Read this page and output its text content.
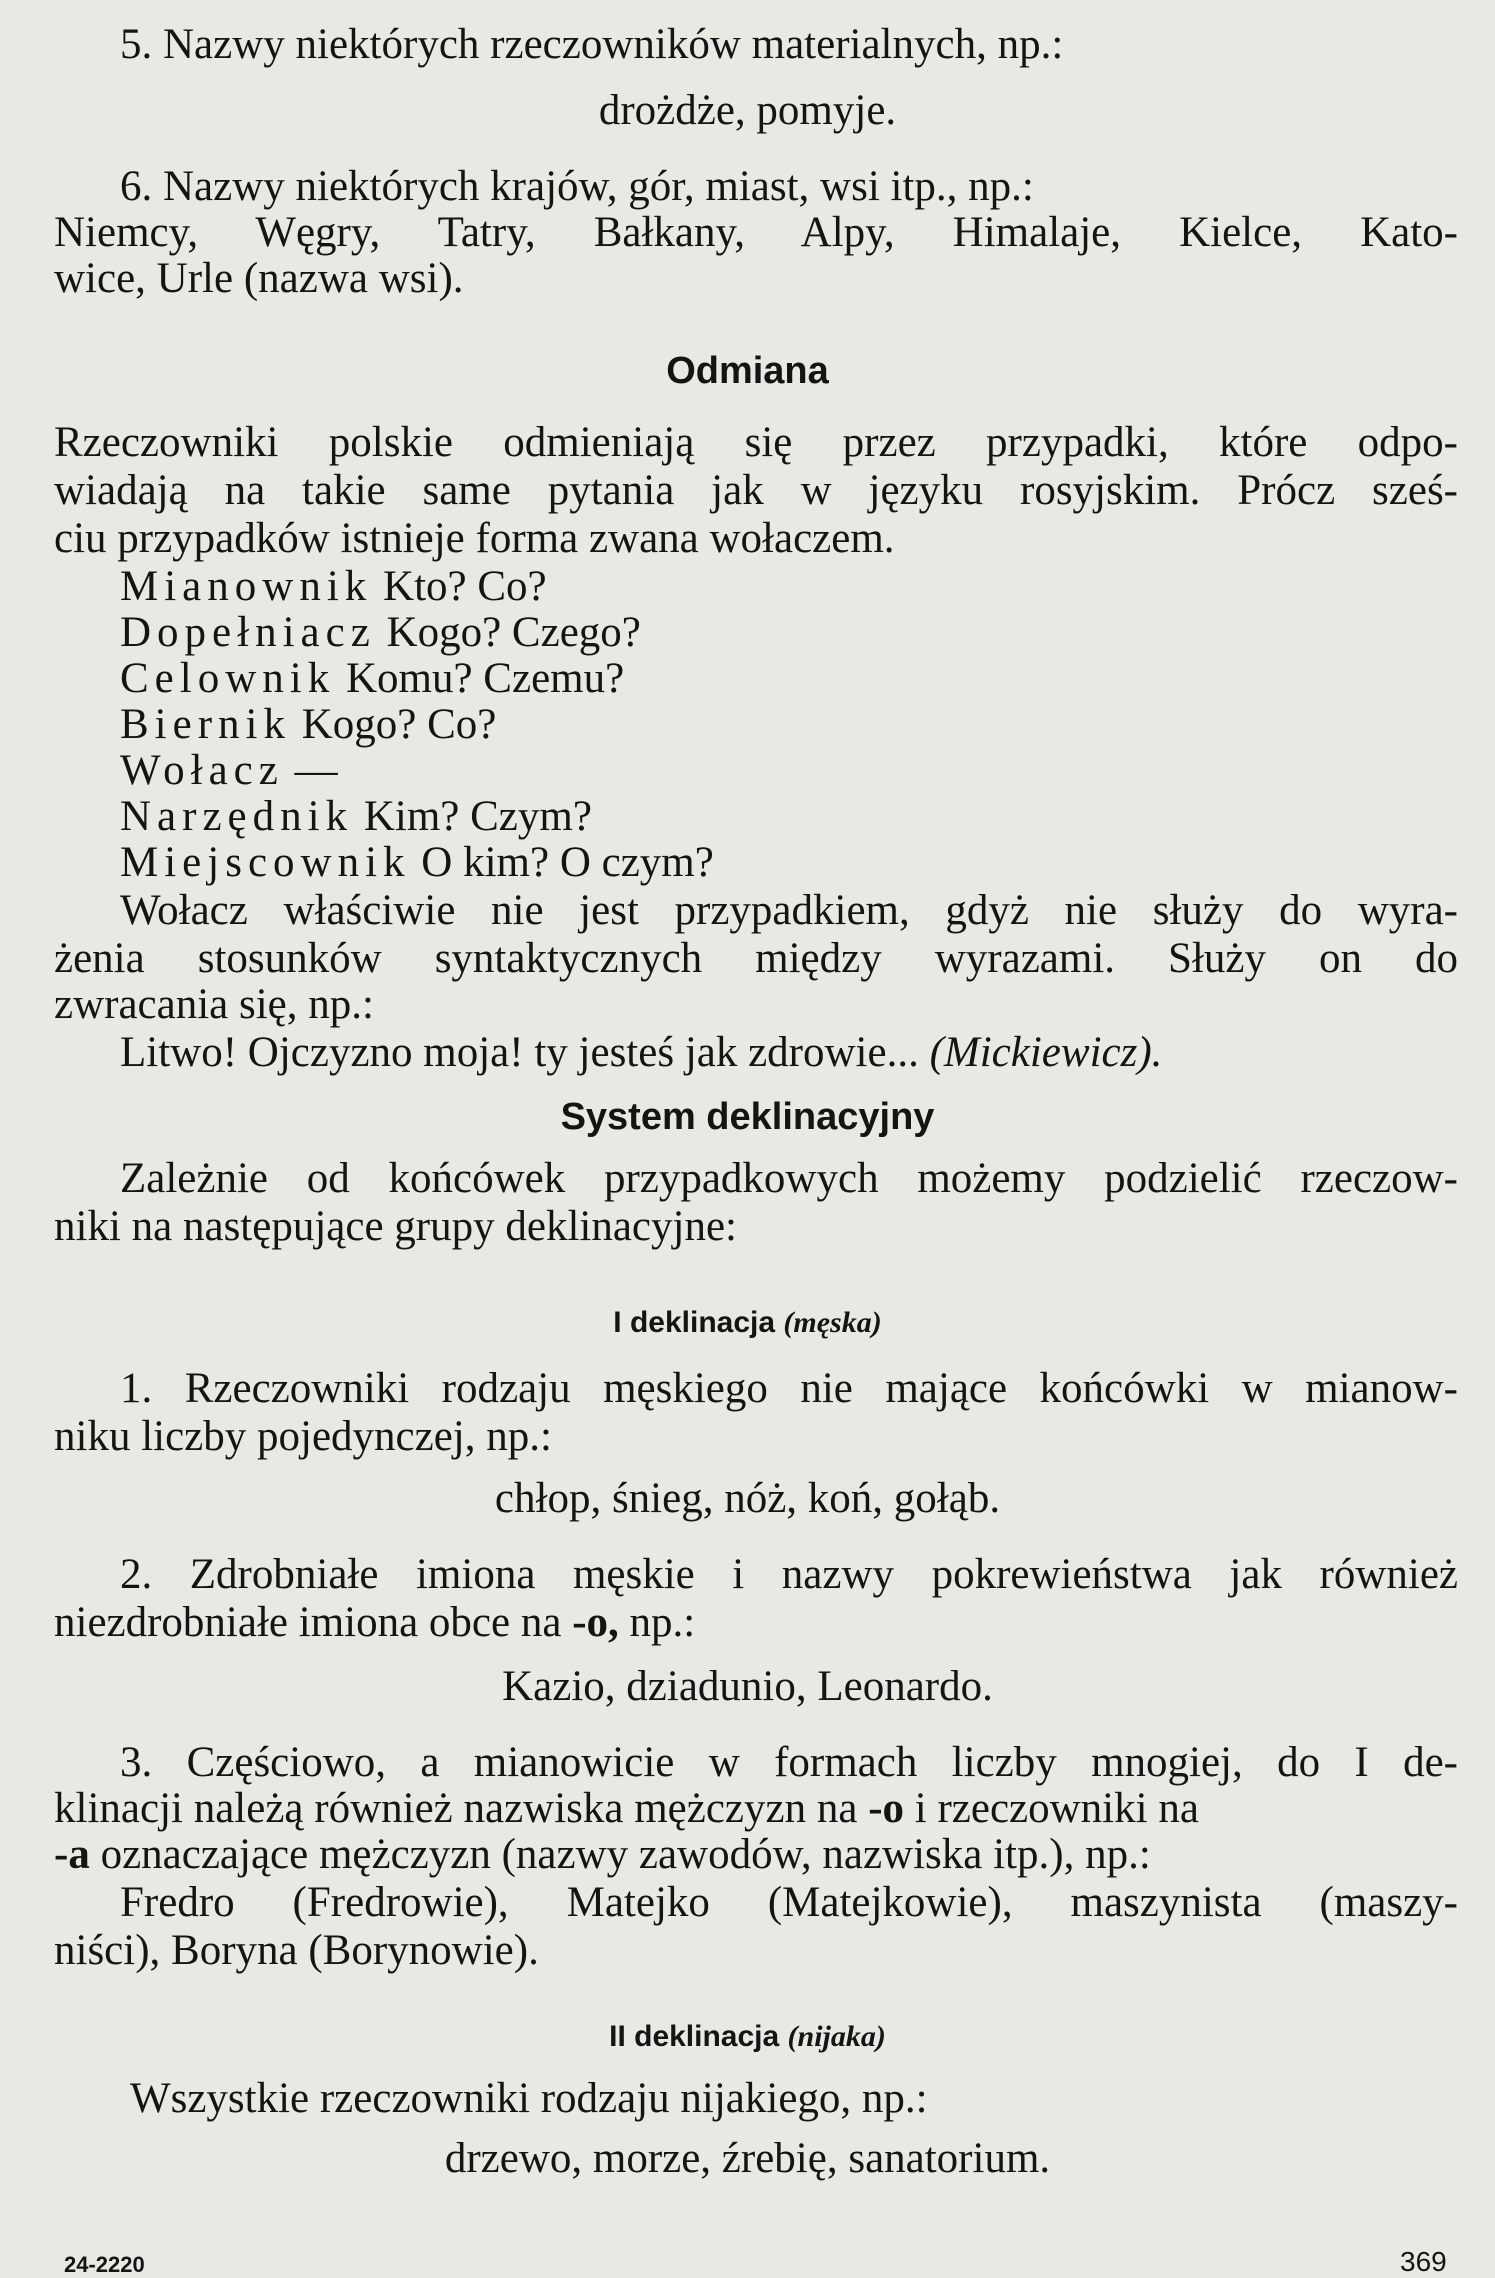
5. Nazwy niektórych rzeczowników materialnych, np.:
drożdże, pomyje.
6. Nazwy niektórych krajów, gór, miast, wsi itp., np.:
Niemcy, Węgry, Tatry, Bałkany, Alpy, Himalaje, Kielce, Kato-
wice, Urle (nazwa wsi).
Odmiana
Rzeczowniki polskie odmieniają się przez przypadki, które odpo-
wiadają na takie same pytania jak w języku rosyjskim. Prócz sześ-
ciu przypadków istnieje forma zwana wołaczem.
Mianownik Kto? Co?
Dopełniacz Kogo? Czego?
Celownik Komu? Czemu?
Biernik Kogo? Co?
Wołacz —
Narzędnik Kim? Czym?
Miejscownik O kim? O czym?
Wołacz właściwie nie jest przypadkiem, gdyż nie służy do wyra-
żenia stosunków syntaktycznych między wyrazami. Służy on do
zwracania się, np.:
Litwo! Ojczyzno moja! ty jesteś jak zdrowie... (Mickiewicz).
System deklinacyjny
Zależnie od końcówek przypadkowych możemy podzielić rzeczow-
niki na następujące grupy deklinacyjne:
I deklinacja (męska)
1. Rzeczowniki rodzaju męskiego nie mające końcówki w mianow-
niku liczby pojedynczej, np.:
chłop, śnieg, nóż, koń, gołąb.
2. Zdrobniałe imiona męskie i nazwy pokrewieństwa jak również
niezdrobniałe imiona obce na -o, np.:
Kazio, dziadunio, Leonardo.
3. Częściowo, a mianowicie w formach liczby mnogiej, do I de-
klinacji należą również nazwiska mężczyzn na -o i rzeczowniki na
-a oznaczające mężczyzn (nazwy zawodów, nazwiska itp.), np.:
Fredro (Fredrowie), Matejko (Matejkowie), maszynista (maszy-
niści), Boryna (Borynowie).
II deklinacja (nijaka)
Wszystkie rzeczowniki rodzaju nijakiego, np.:
drzewo, morze, źrebię, sanatorium.
24-2220	369
